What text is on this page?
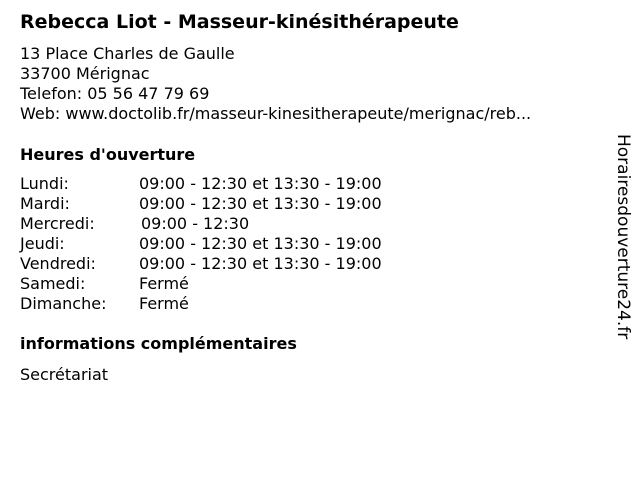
Rebecca Liot - Masseur-kinésithérapeute
13 Place Charles de Gaulle
33700 Mérignac
Telefon: 05 56 47 79 69
Web: www.doctolib.fr/masseur-kinesitherapeute/merignac/reb...
Heures d'ouverture
Lundi:	09:00 - 12:30 et 13:30 - 19:00
Mardi:	09:00 - 12:30 et 13:30 - 19:00
Mercredi:	09:00 - 12:30
Jeudi:	09:00 - 12:30 et 13:30 - 19:00
Vendredi:	09:00 - 12:30 et 13:30 - 19:00
Samedi:	Fermé
Dimanche: Fermé
informations complémentaires
Secrétariat
Horairesdouverture24.fr
